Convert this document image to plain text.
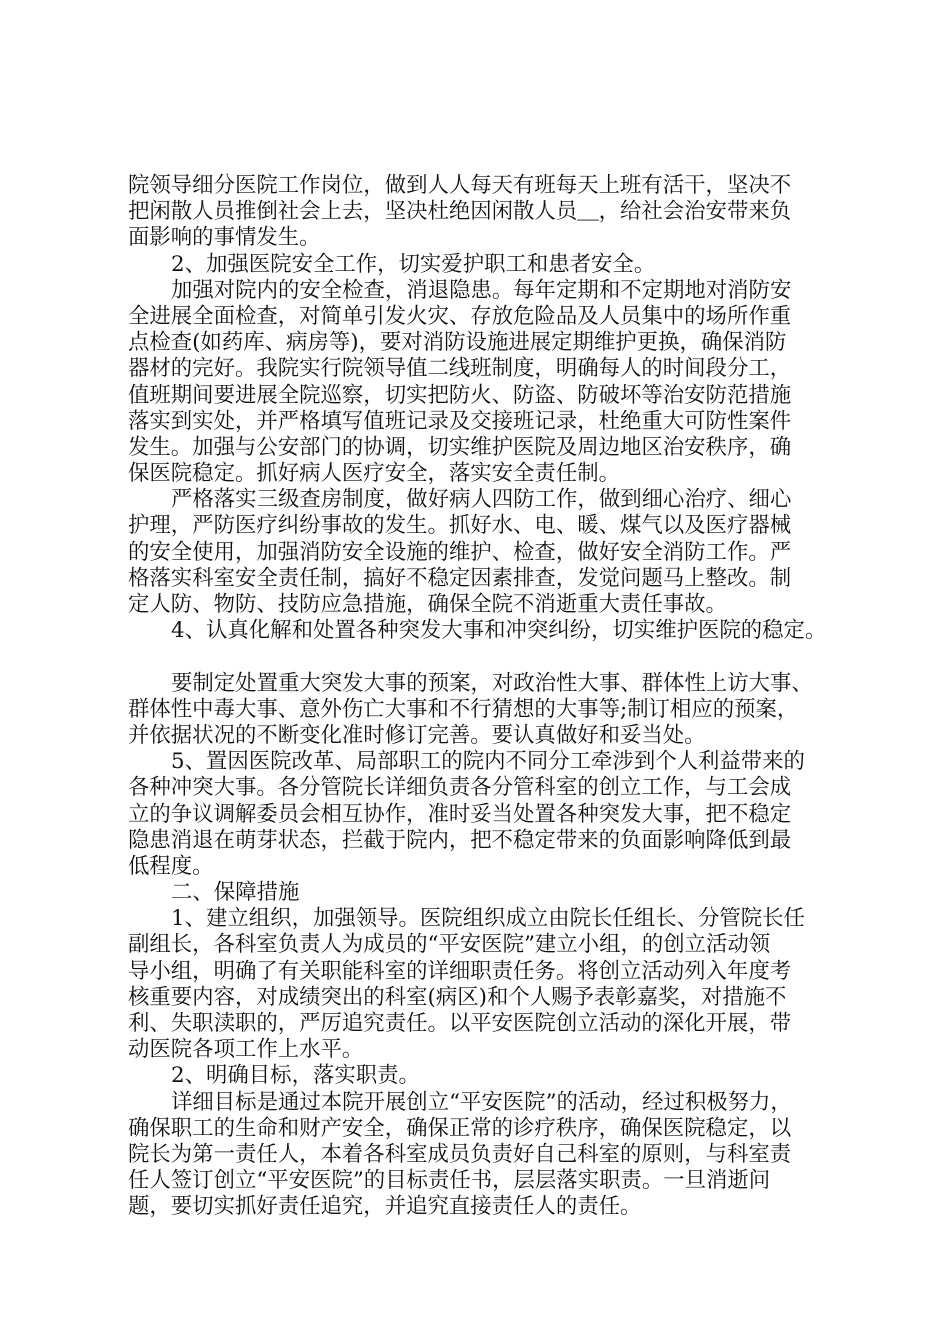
院领导细分医院工作岗位，做到人人每天有班每天上班有活干，坚决不
把闲散人员推倒社会上去，坚决杜绝因闲散人员＿，给社会治安带来负
面影响的事情发生。
2、加强医院安全工作，切实爱护职工和患者安全。
加强对院内的安全检查，消退隐患。每年定期和不定期地对消防安
全进展全面检查，对简单引发火灾、存放危险品及人员集中的场所作重
点检查(如药库、病房等)，要对消防设施进展定期维护更换，确保消防
器材的完好。我院实行院领导值二线班制度，明确每人的时间段分工，
值班期间要进展全院巡察，切实把防火、防盗、防破坏等治安防范措施
落实到实处，并严格填写值班记录及交接班记录，杜绝重大可防性案件
发生。加强与公安部门的协调，切实维护医院及周边地区治安秩序，确
保医院稳定。抓好病人医疗安全，落实安全责任制。
严格落实三级查房制度，做好病人四防工作，做到细心治疗、细心
护理，严防医疗纠纷事故的发生。抓好水、电、暖、煤气以及医疗器械
的安全使用，加强消防安全设施的维护、检查，做好安全消防工作。严
格落实科室安全责任制，搞好不稳定因素排查，发觉问题马上整改。制
定人防、物防、技防应急措施，确保全院不消逝重大责任事故。
4、认真化解和处置各种突发大事和冲突纠纷，切实维护医院的稳定。
要制定处置重大突发大事的预案，对政治性大事、群体性上访大事、
群体性中毒大事、意外伤亡大事和不行猜想的大事等;制订相应的预案，
并依据状况的不断变化准时修订完善。要认真做好和妥当处。
5、置因医院改革、局部职工的院内不同分工牵涉到个人利益带来的
各种冲突大事。各分管院长详细负责各分管科室的创立工作，与工会成
立的争议调解委员会相互协作，准时妥当处置各种突发大事，把不稳定
隐患消退在萌芽状态，拦截于院内，把不稳定带来的负面影响降低到最
低程度。
二、保障措施
1、建立组织，加强领导。医院组织成立由院长任组长、分管院长任
副组长，各科室负责人为成员的“平安医院”建立小组，的创立活动领
导小组，明确了有关职能科室的详细职责任务。将创立活动列入年度考
核重要内容，对成绩突出的科室(病区)和个人赐予表彰嘉奖，对措施不
利、失职渎职的，严厉追究责任。以平安医院创立活动的深化开展，带
动医院各项工作上水平。
2、明确目标，落实职责。
详细目标是通过本院开展创立“平安医院”的活动，经过积极努力，
确保职工的生命和财产安全，确保正常的诊疗秩序，确保医院稳定，以
院长为第一责任人，本着各科室成员负责好自己科室的原则，与科室责
任人签订创立“平安医院”的目标责任书，层层落实职责。一旦消逝问
题，要切实抓好责任追究，并追究直接责任人的责任。
